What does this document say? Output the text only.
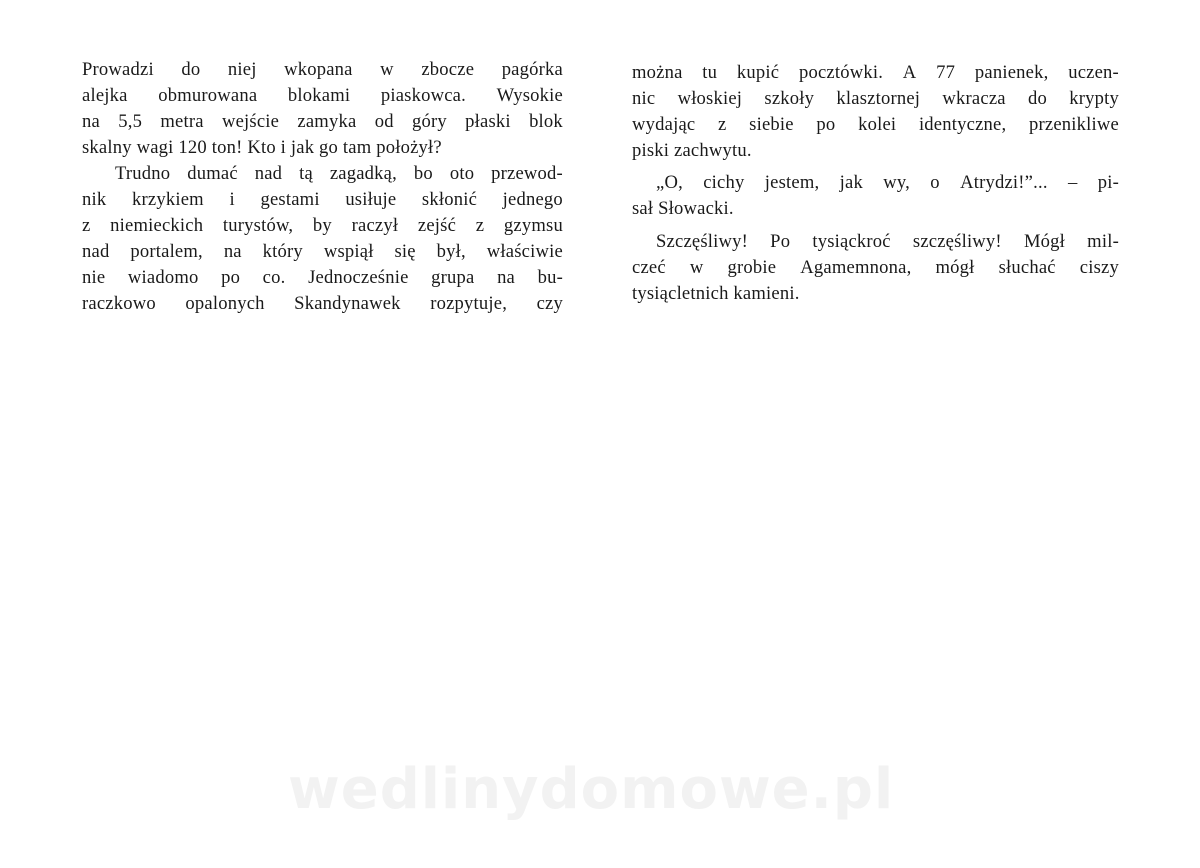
Prowadzi do niej wkopana w zbocze pagórka
alejka obmurowana blokami piaskowca. Wysokie
na 5,5 metra wejście zamyka od góry płaski blok
skalny wagi 120 ton! Kto i jak go tam położył?
Trudno dumać nad tą zagadką, bo oto przewod-
nik krzykiem i gestami usiłuje skłonić jednego
z niemieckich turystów, by raczył zejść z gzymsu
nad portalem, na który wspiął się był, właściwie
nie wiadomo po co. Jednocześnie grupa na bu-
raczkowo opalonych Skandynawek rozpytuje, czy
można tu kupić pocztówki. A 77 panienek, uczen-
nic włoskiej szkoły klasztornej wkracza do krypty
wydając z siebie po kolei identyczne, przenikliwe
piski zachwytu.
„O, cichy jestem, jak wy, o Atrydzi!”... – pi-
sał Słowacki.
Szczęśliwy! Po tysiąckroć szczęśliwy! Mógł mil-
czeć w grobie Agamemnona, mógł słuchać ciszy
tysiącletnich kamieni.
wedlinydomowe.pl
